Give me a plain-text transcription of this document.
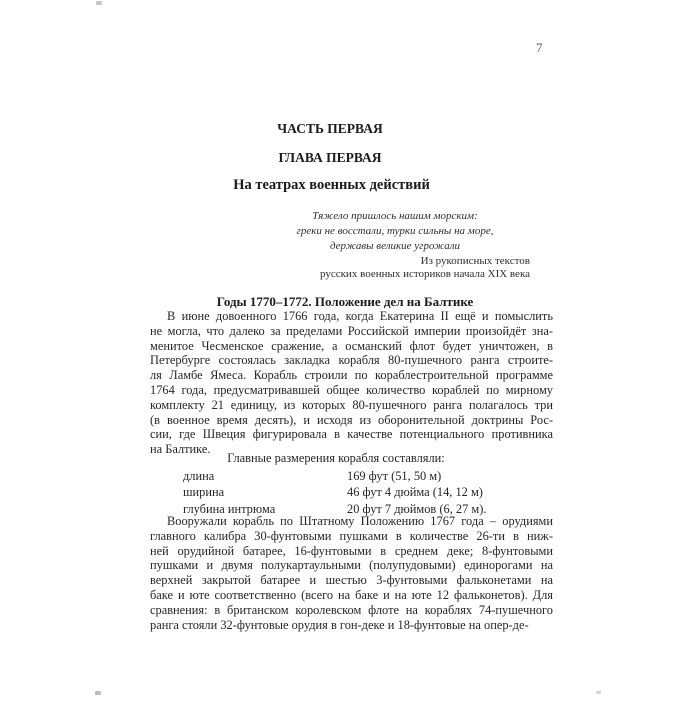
7
ЧАСТЬ ПЕРВАЯ
ГЛАВА ПЕРВАЯ
На театрах военных действий
Тяжело пришлось нашим морским:
греки не восстали, турки сильны на море,
державы великие угрожали
Из рукописных текстов
русских военных историков начала XIX века
Годы 1770–1772. Положение дел на Балтике
В июне довоенного 1766 года, когда Екатерина II ещё и помыслить
не могла, что далеко за пределами Российской империи произойдёт зна-
менитое Чесменское сражение, а османский флот будет уничтожен, в
Петербурге состоялась закладка корабля 80-пушечного ранга строите-
ля Ламбе Ямеса. Корабль строили по кораблестроительной программе
1764 года, предусматривавшей общее количество кораблей по мирному
комплекту 21 единицу, из которых 80-пушечного ранга полагалось три
(в военное время десять), и исходя из оборонительной доктрины Рос-
сии, где Швеция фигурировала в качестве потенциального противника
на Балтике.
Главные размерения корабля составляли:
длина	169 фут (51, 50 м)
ширина	46 фут 4 дюйма (14, 12 м)
глубина интрюма	20 фут 7 дюймов (6, 27 м).
Вооружали корабль по Штатному Положению 1767 года – орудиями
главного калибра 30-фунтовыми пушками в количестве 26-ти в ниж-
ней орудийной батарее, 16-фунтовыми в среднем деке; 8-фунтовыми
пушками и двумя полукартаульными (полупудовыми) единорогами на
верхней закрытой батарее и шестью 3-фунтовыми фальконетами на
баке и юте соответственно (всего на баке и на юте 12 фальконетов). Для
сравнения: в британском королевском флоте на кораблях 74-пушечного
ранга стояли 32-фунтовые орудия в гон-деке и 18-фунтовые на опер-де-
